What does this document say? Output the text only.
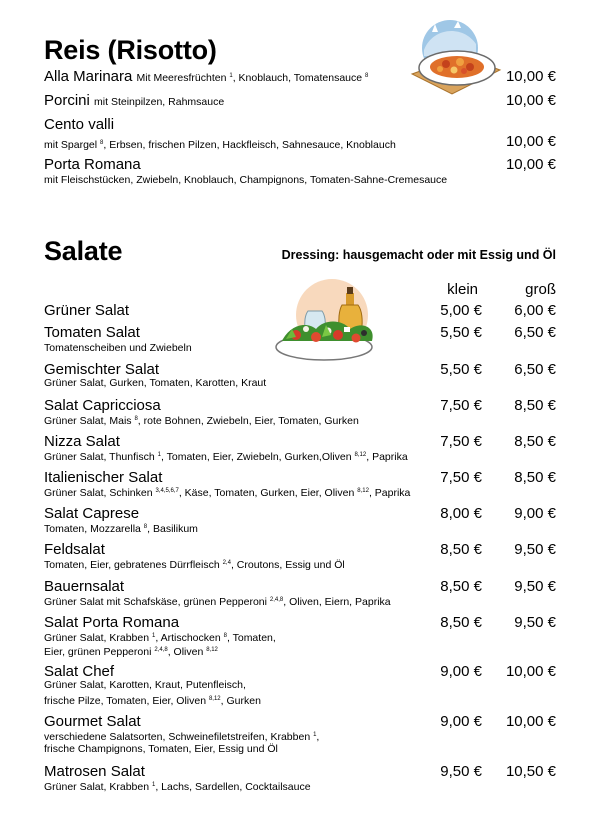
Reis (Risotto)
Alla Marinara Mit Meeresfrüchten $^1$, Knoblauch, Tomatensauce $^8$	10,00 €
Porcini mit Steinpilzen, Rahmsauce	10,00 €
Cento valli
mit Spargel $^8$, Erbsen, frischen Pilzen, Hackfleisch, Sahnesauce, Knoblauch	10,00 €
Porta Romana
mit Fleischstücken, Zwiebeln, Knoblauch, Champignons, Tomaten-Sahne-Cremesauce
10,00 €
Salate	Dressing: hausgemacht oder mit Essig und Öl
klein	groß
Grüner Salat	5,00 € 6,00 €
Tomaten Salat
Tomatenscheiben und Zwiebeln
5,50 € 6,50 €
Gemischter Salat
Grüner Salat, Gurken, Tomaten, Karotten, Kraut
5,50 € 6,50 €
Salat Capricciosa
Grüner Salat, Mais $^8$, rote Bohnen, Zwiebeln, Eier, Tomaten, Gurken
7,50 € 8,50 €
Nizza Salat
Grüner Salat, Thunfisch $^1$, Tomaten, Eier, Zwiebeln, Gurken,Oliven $^{8,12}$, Paprika
7,50 € 8,50 €
Italienischer Salat
Grüner Salat, Schinken $^{3,4,5,6,7}$, Käse, Tomaten, Gurken, Eier, Oliven $^{8,12}$, Paprika
7,50 € 8,50 €
Salat Caprese
Tomaten, Mozzarella $^8$, Basilikum
8,00 € 9,00 €
Feldsalat
Tomaten, Eier, gebratenes Dürrfleisch $^{2,4}$, Croutons, Essig und Öl
8,50 € 9,50 €
Bauernsalat
Grüner Salat mit Schafskäse, grünen Pepperoni $^{2,4,8}$, Oliven, Eiern, Paprika
8,50 € 9,50 €
Salat Porta Romana
Grüner Salat, Krabben $^1$, Artischocken $^8$, Tomaten,
Eier, grünen Pepperoni $^{2,4,8}$, Oliven $^{8,12}$
8,50 € 9,50 €
Salat Chef
Grüner Salat, Karotten, Kraut, Putenfleisch,
frische Pilze, Tomaten, Eier, Oliven $^{8,12}$, Gurken
9,00 € 10,00 €
Gourmet Salat
verschiedene Salatsorten, Schweinefiletstreifen, Krabben $^1$,
frische Champignons, Tomaten, Eier, Essig und Öl
9,00 € 10,00 €
Matrosen Salat
Grüner Salat, Krabben $^1$, Lachs, Sardellen, Cocktailsauce
9,50 € 10,50 €
